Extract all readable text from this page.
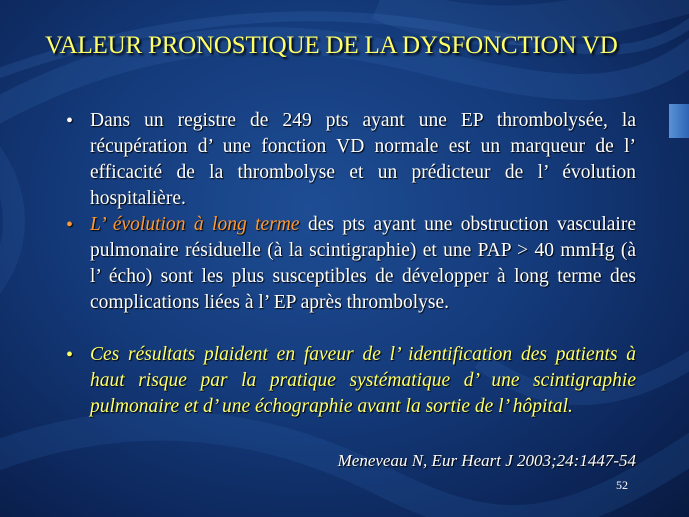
VALEUR PRONOSTIQUE DE LA DYSFONCTION VD
• Dans un registre de 249 pts ayant une EP thrombolysée, la récupération d’ une fonction VD normale est un marqueur de l’ efficacité de la thrombolyse et un prédicteur de l’ évolution hospitalière.

• L’ évolution à long terme des pts ayant une obstruction vasculaire pulmonaire résiduelle (à la scintigraphie) et une PAP > 40 mmHg (à l’ écho) sont les plus susceptibles de développer à long terme des complications liées à l’ EP après thrombolyse.

• Ces résultats plaident en faveur de l’ identification des patients à haut risque par la pratique systématique d’ une scintigraphie pulmonaire et d’ une échographie avant la sortie de l’ hôpital.

Meneveau N, Eur Heart J 2003;24:1447-54
52
